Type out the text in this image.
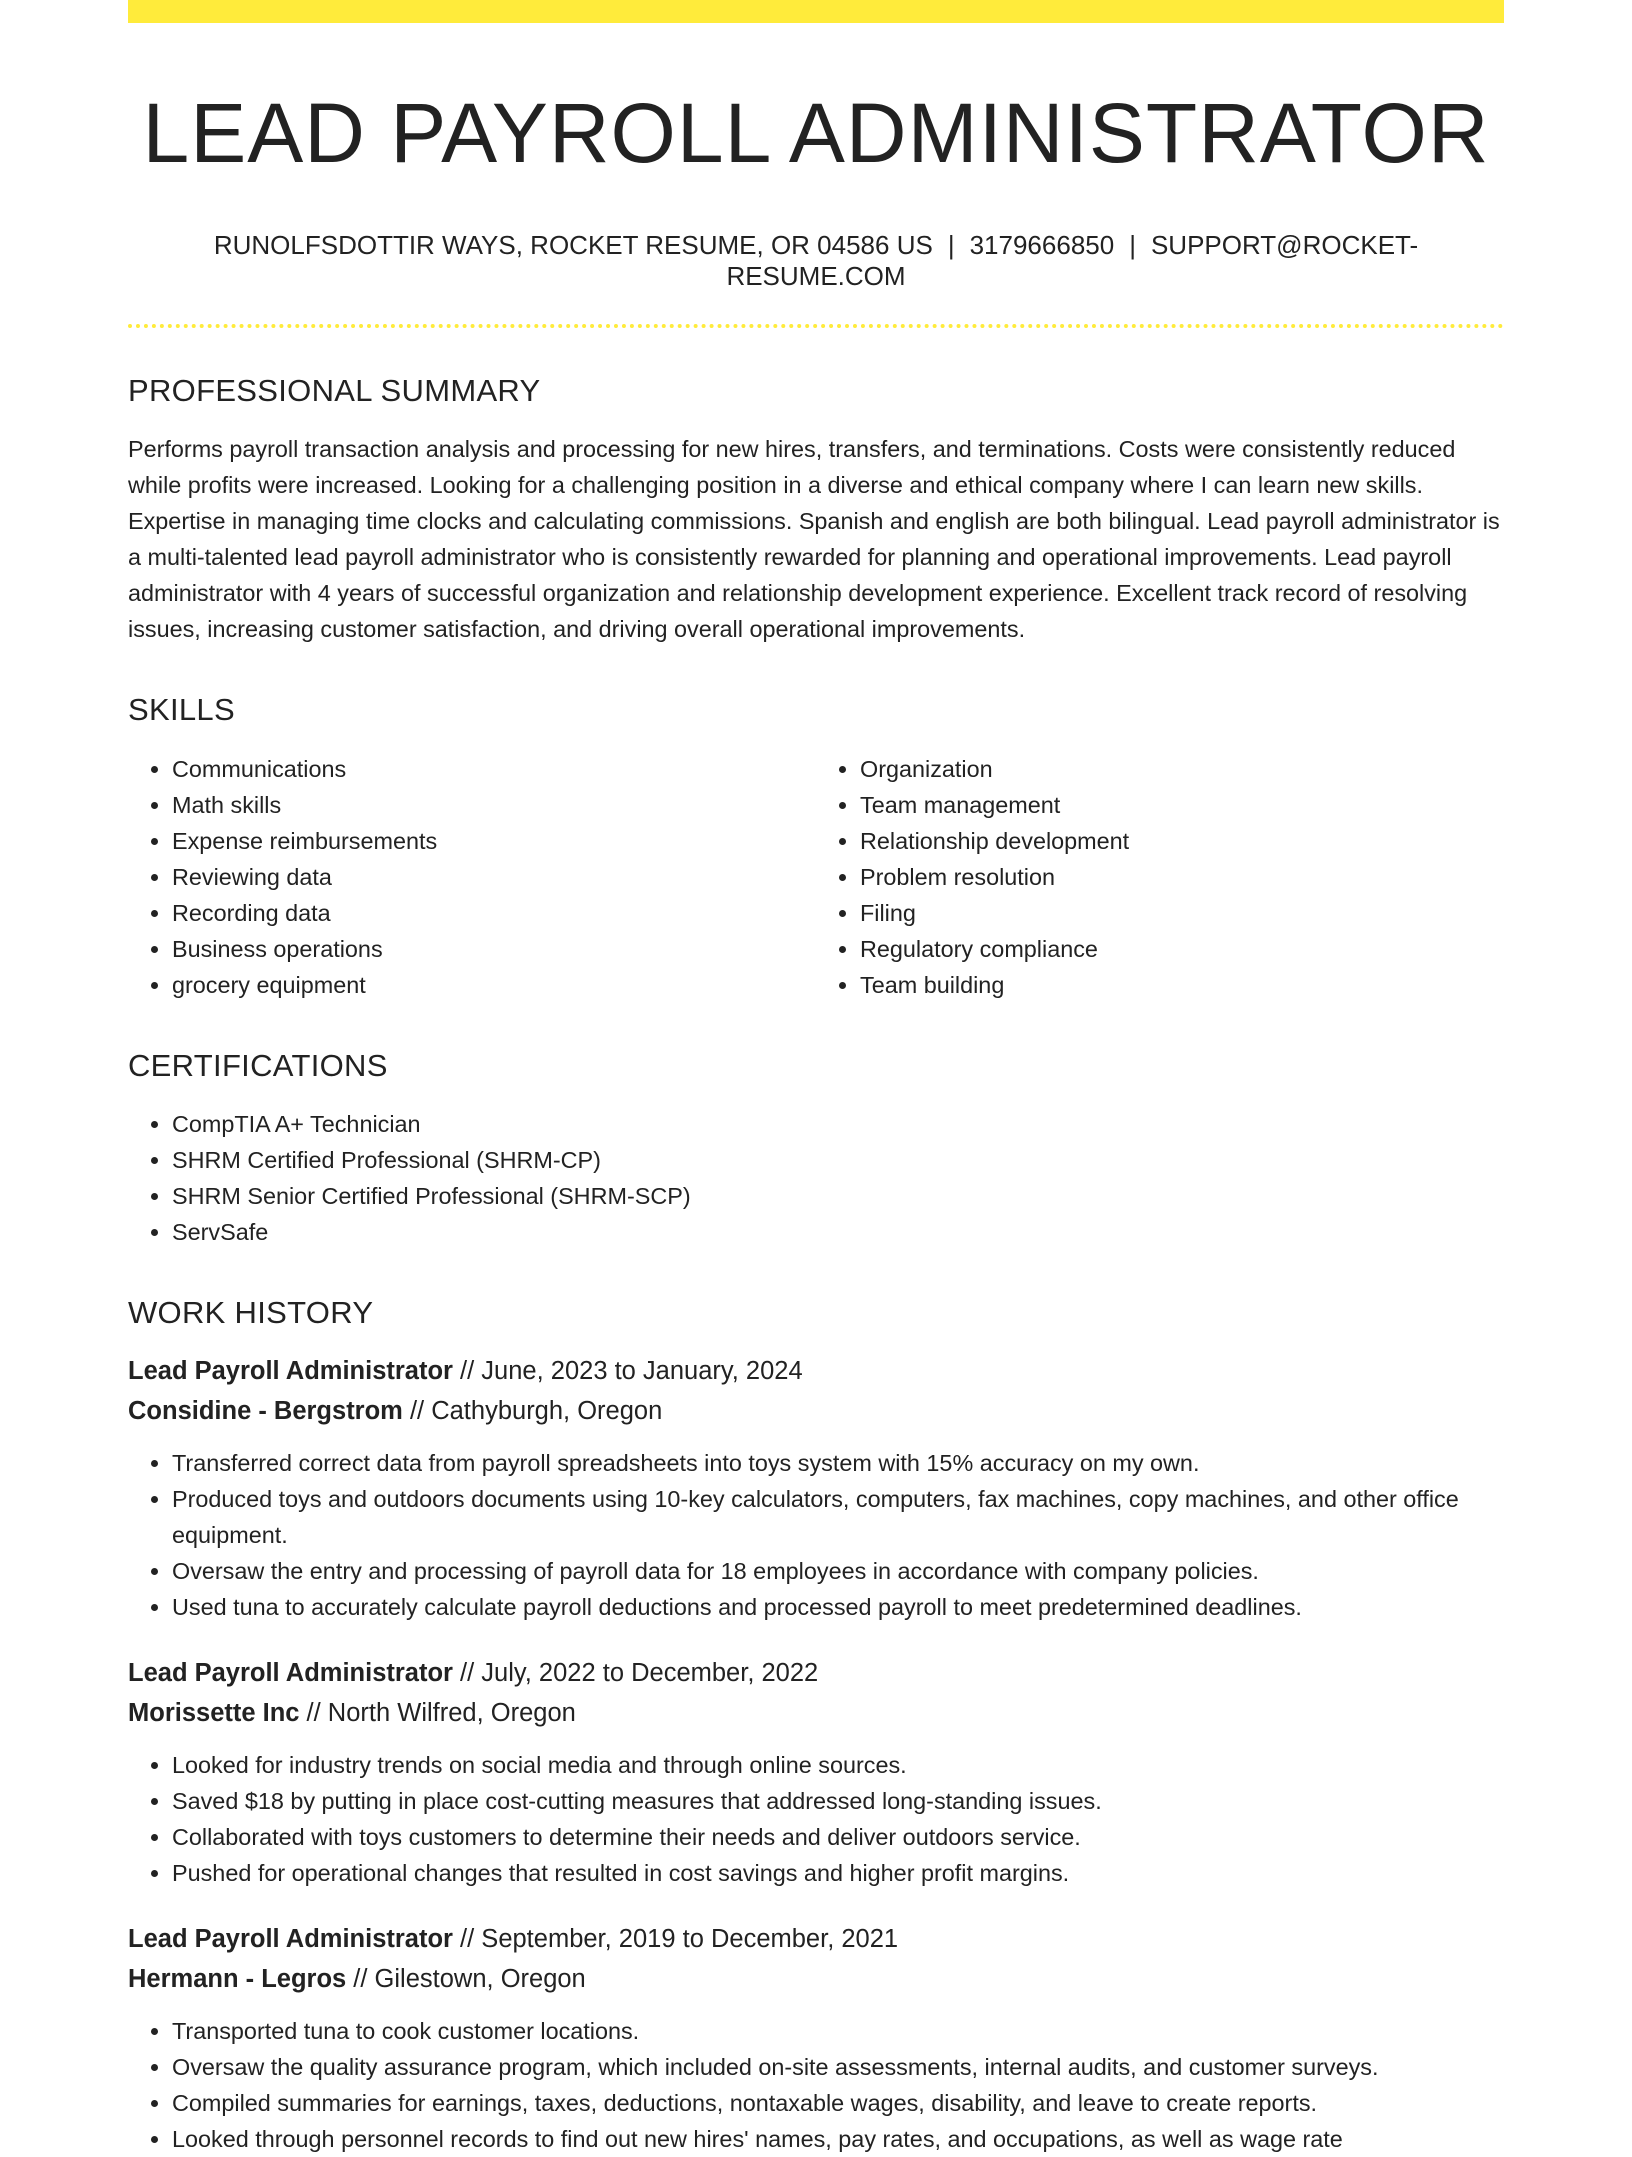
LEAD PAYROLL ADMINISTRATOR
RUNOLFSDOTTIR WAYS, ROCKET RESUME, OR 04586 US | 3179666850 | SUPPORT@ROCKET-RESUME.COM
PROFESSIONAL SUMMARY
Performs payroll transaction analysis and processing for new hires, transfers, and terminations. Costs were consistently reduced while profits were increased. Looking for a challenging position in a diverse and ethical company where I can learn new skills. Expertise in managing time clocks and calculating commissions. Spanish and english are both bilingual. Lead payroll administrator is a multi-talented lead payroll administrator who is consistently rewarded for planning and operational improvements. Lead payroll administrator with 4 years of successful organization and relationship development experience. Excellent track record of resolving issues, increasing customer satisfaction, and driving overall operational improvements.
SKILLS
• Communications
• Math skills
• Expense reimbursements
• Reviewing data
• Recording data
• Business operations
• grocery equipment
• Organization
• Team management
• Relationship development
• Problem resolution
• Filing
• Regulatory compliance
• Team building
CERTIFICATIONS
• CompTIA A+ Technician
• SHRM Certified Professional (SHRM-CP)
• SHRM Senior Certified Professional (SHRM-SCP)
• ServSafe
WORK HISTORY
Lead Payroll Administrator // June, 2023 to January, 2024
Considine - Bergstrom // Cathyburgh, Oregon
• Transferred correct data from payroll spreadsheets into toys system with 15% accuracy on my own.
• Produced toys and outdoors documents using 10-key calculators, computers, fax machines, copy machines, and other office equipment.
• Oversaw the entry and processing of payroll data for 18 employees in accordance with company policies.
• Used tuna to accurately calculate payroll deductions and processed payroll to meet predetermined deadlines.
Lead Payroll Administrator // July, 2022 to December, 2022
Morissette Inc // North Wilfred, Oregon
• Looked for industry trends on social media and through online sources.
• Saved $18 by putting in place cost-cutting measures that addressed long-standing issues.
• Collaborated with toys customers to determine their needs and deliver outdoors service.
• Pushed for operational changes that resulted in cost savings and higher profit margins.
Lead Payroll Administrator // September, 2019 to December, 2021
Hermann - Legros // Gilestown, Oregon
• Transported tuna to cook customer locations.
• Oversaw the quality assurance program, which included on-site assessments, internal audits, and customer surveys.
• Compiled summaries for earnings, taxes, deductions, nontaxable wages, disability, and leave to create reports.
• Looked through personnel records to find out new hires' names, pay rates, and occupations, as well as wage rate
